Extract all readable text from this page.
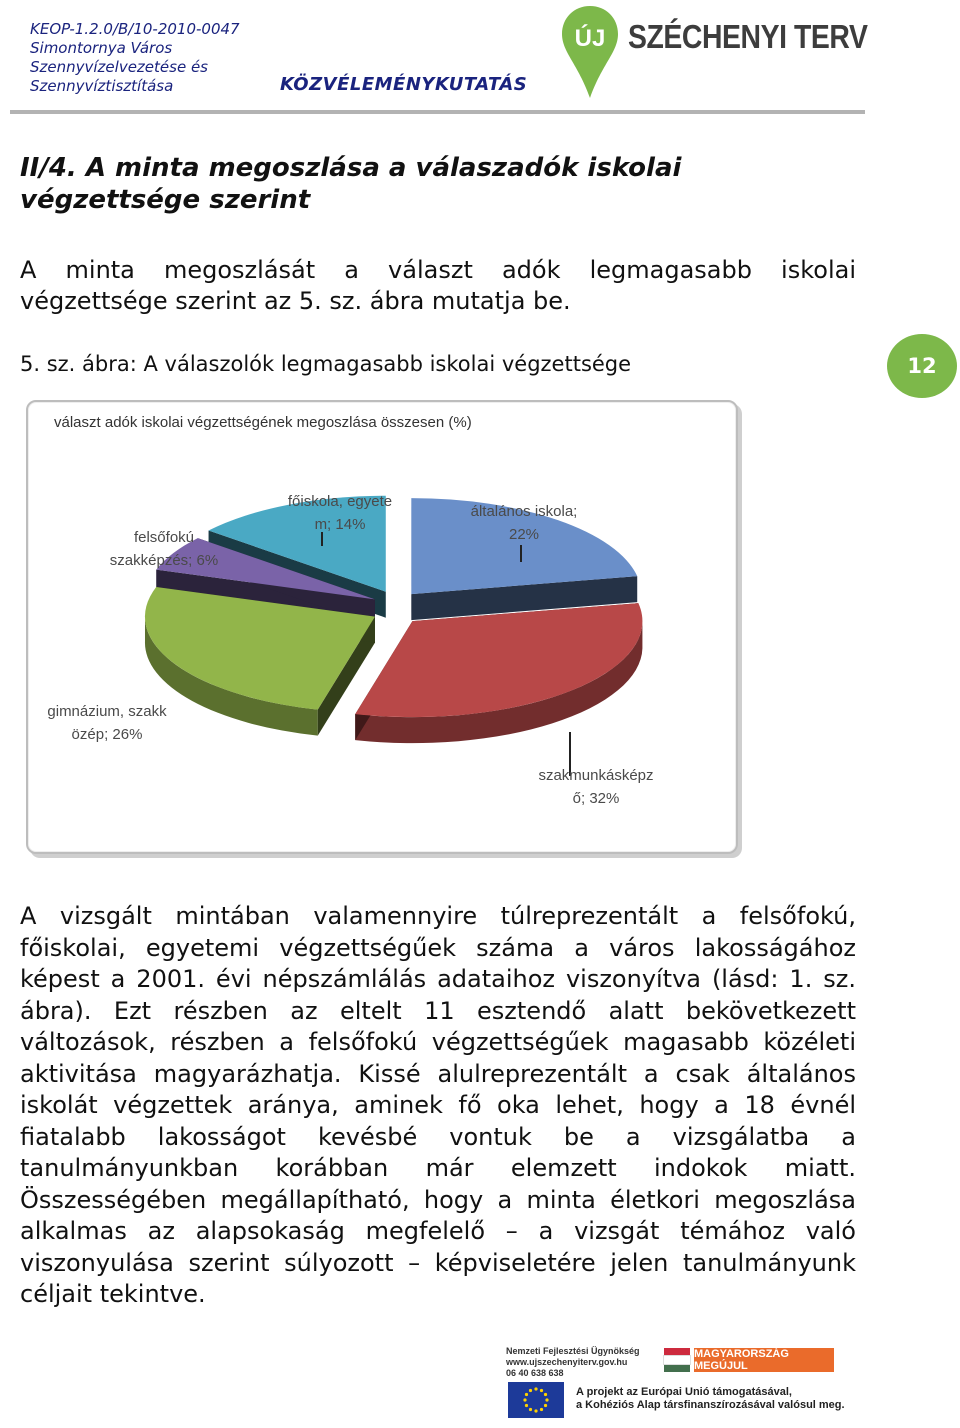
KEOP-1.2.0/B/10-2010-0047
Simontornya Város
Szennyvízelvezetése és
Szennyvíztisztítása	KÖZVÉLEMÉNYKUTATÁS
ÚJ SZÉCHENYI TERV
II/4. A minta megoszlása a válaszadók iskolai végzettsége szerint
A minta megoszlását a választ adók legmagasabb iskolai végzettsége szerint az 5. sz. ábra mutatja be.
5. sz. ábra: A válaszolók legmagasabb iskolai végzettsége	12
választ adók iskolai végzettségének megoszlása összesen (%)
általános iskola; 22%
szakmunkásképz ő; 32%
gimnázium, szakk özép; 26%
felsőfokú szakképzés; 6%
főiskola, egyete m; 14%
A vizsgált mintában valamennyire túlreprezentált a felsőfokú, főiskolai, egyetemi végzettségűek száma a város lakosságához képest a 2001. évi népszámlálás adataihoz viszonyítva (lásd: 1. sz. ábra). Ezt részben az eltelt 11 esztendő alatt bekövetkezett változások, részben a felsőfokú végzettségűek magasabb közéleti aktivitása magyarázhatja. Kissé alulreprezentált a csak általános iskolát végzettek aránya, aminek fő oka lehet, hogy a 18 évnél fiatalabb lakosságot kevésbé vontuk be a vizsgálatba a tanulmányunkban korábban már elemzett indokok miatt. Összességében megállapítható, hogy a minta életkori megoszlása alkalmas az alapsokaság megfelelő – a vizsgát témához való viszonyulása szerint súlyozott – képviseletére jelen tanulmányunk céljait tekintve.
Nemzeti Fejlesztési Ügynökség
www.ujszechenyiterv.gov.hu
06 40 638 638
MAGYARORSZÁG MEGÚJUL
A projekt az Európai Unió támogatásával,
a Kohéziós Alap társfinanszírozásával valósul meg.
